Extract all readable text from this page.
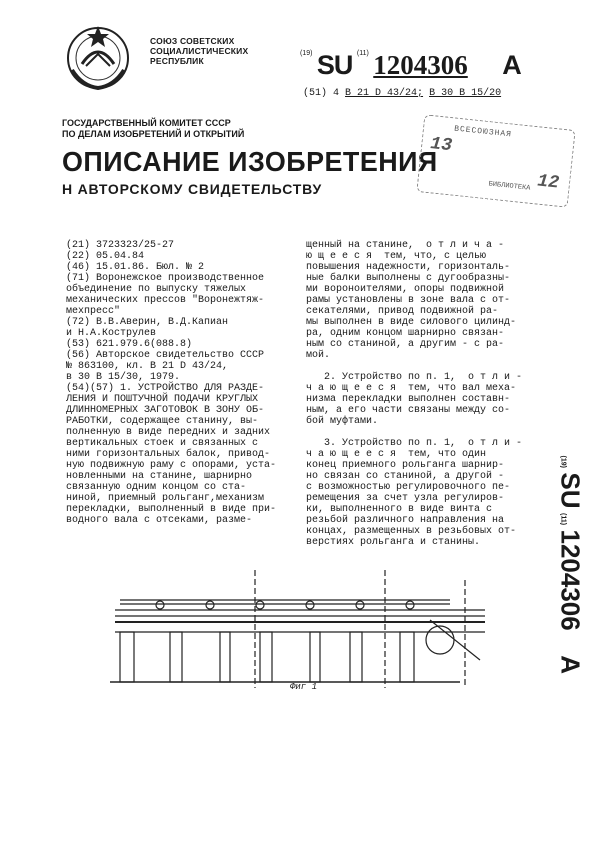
СОЮЗ СОВЕТСКИХ
СОЦИАЛИСТИЧЕСКИХ
РЕСПУБЛИК
$^{(19)}$ SU $^{(11)}$ 1204306 A
(51) 4 В 21 D 43/24; В 30 В 15/20
ГОСУДАРСТВЕННЫЙ КОМИТЕТ СССР
ПО ДЕЛАМ ИЗОБРЕТЕНИЙ И ОТКРЫТИЙ
ОПИСАНИЕ ИЗОБРЕТЕНИЯ
Н АВТОРСКОМУ СВИДЕТЕЛЬСТВУ
ВСЕСОЮЗНАЯ
13
12
БИБЛИОТЕКА
(21) 3723323/25-27
(22) 05.04.84
(46) 15.01.86. Бюл. № 2
(71) Воронежское производственное
объединение по выпуску тяжелых
механических прессов "Воронежтяж-
мехпресс"
(72) В.В.Аверин, В.Д.Капиан
и Н.А.Кострулев
(53) 621.979.6(088.8)
(56) Авторское свидетельство СССР
№ 863100, кл. В 21 D 43/24,
в 30 В 15/30, 1979.
(54)(57) 1. УСТРОЙСТВО ДЛЯ РАЗДЕ-
ЛЕНИЯ И ПОШТУЧНОЙ ПОДАЧИ КРУГЛЫХ
ДЛИННОМЕРНЫХ ЗАГОТОВОК В ЗОНУ ОБ-
РАБОТКИ, содержащее станину, вы-
полненную в виде передних и задних
вертикальных стоек и связанных с
ними горизонтальных балок, привод-
ную подвижную раму с опорами, уста-
новленными на станине, шарнирно
связанную одним концом со ста-
ниной, приемный рольганг,механизм
перекладки, выполненный в виде при-
водного вала с отсеками, разме-
щенный на станине,  о т л и ч а -
ю щ е е с я  тем, что, с целью
повышения надежности, горизонталь-
ные балки выполнены с дугообразны-
ми вороноителями, опоры подвижной
рамы установлены в зоне вала с от-
секателями, привод подвижной ра-
мы выполнен в виде силового цилинд-
ра, одним концом шарнирно связан-
ным со станиной, а другим - с ра-
мой.
2. Устройство по п. 1,  о т л и -
ч а ю щ е е с я  тем, что вал меха-
низма перекладки выполнен составн-
ным, а его части связаны между со-
бой муфтами.
3. Устройство по п. 1,  о т л и -
ч а ю щ е е с я  тем, что один
конец приемного рольганга шарнир-
но связан со станиной, а другой -
с возможностью регулировочного пе-
ремещения за счет узла регулиров-
ки, выполненного в виде винта с
резьбой различного направления на
концах, размещенных в резьбовых от-
верстиях рольганга и станины.
(19) SU (11) 1204306 A
Фиг 1
